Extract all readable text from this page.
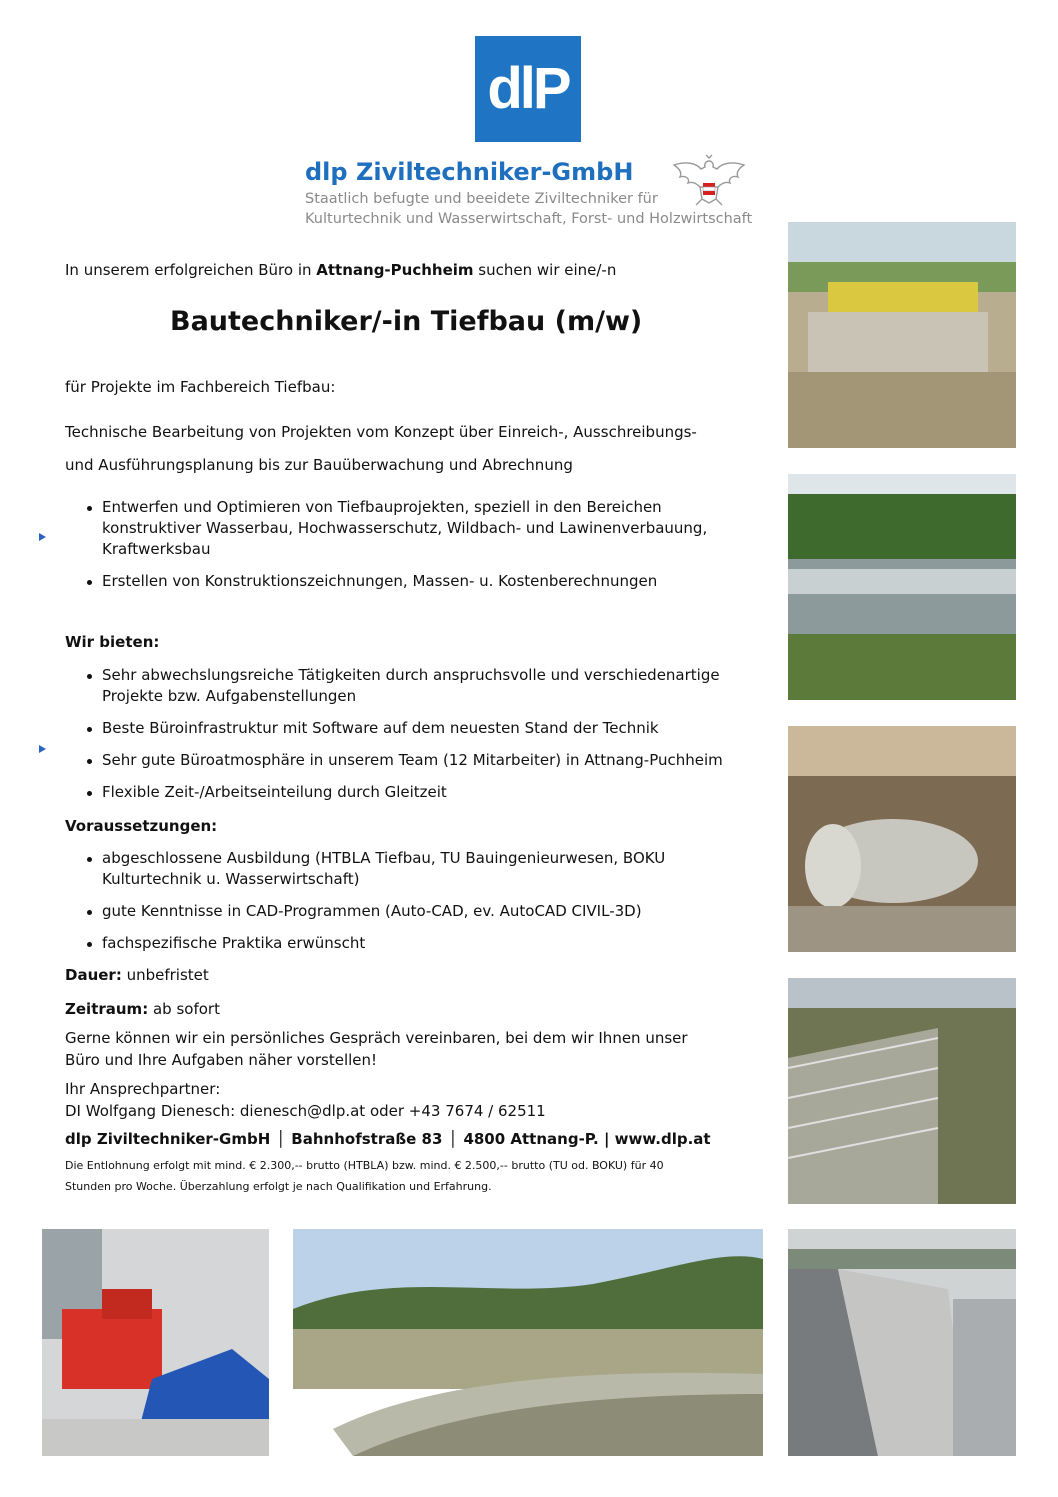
dlP
dlp Ziviltechniker-GmbH
Staatlich befugte und beeidete Ziviltechniker für
Kulturtechnik und Wasserwirtschaft, Forst- und Holzwirtschaft
In unserem erfolgreichen Büro in Attnang-Puchheim suchen wir eine/-n
Bautechniker/-in Tiefbau (m/w)
für Projekte im Fachbereich Tiefbau:
Technische Bearbeitung von Projekten vom Konzept über Einreich-, Ausschreibungs-
und Ausführungsplanung bis zur Bauüberwachung und Abrechnung
Entwerfen und Optimieren von Tiefbauprojekten, speziell in den Bereichen
konstruktiver Wasserbau, Hochwasserschutz, Wildbach- und Lawinenverbauung,
Kraftwerksbau
Erstellen von Konstruktionszeichnungen, Massen- u. Kostenberechnungen
Wir bieten:
Sehr abwechslungsreiche Tätigkeiten durch anspruchsvolle und verschiedenartige
Projekte bzw. Aufgabenstellungen
Beste Büroinfrastruktur mit Software auf dem neuesten Stand der Technik
Sehr gute Büroatmosphäre in unserem Team (12 Mitarbeiter) in Attnang-Puchheim
Flexible Zeit-/Arbeitseinteilung durch Gleitzeit
Voraussetzungen:
abgeschlossene Ausbildung (HTBLA Tiefbau, TU Bauingenieurwesen, BOKU
Kulturtechnik u. Wasserwirtschaft)
gute Kenntnisse in CAD-Programmen (Auto-CAD, ev. AutoCAD CIVIL-3D)
fachspezifische Praktika erwünscht
Dauer: unbefristet
Zeitraum: ab sofort
Gerne können wir ein persönliches Gespräch vereinbaren, bei dem wir Ihnen unser
Büro und Ihre Aufgaben näher vorstellen!
Ihr Ansprechpartner:
DI Wolfgang Dienesch: dienesch@dlp.at oder +43 7674 / 62511
dlp Ziviltechniker-GmbH │ Bahnhofstraße 83 │ 4800 Attnang-P. | www.dlp.at
Die Entlohnung erfolgt mit mind. € 2.300,-- brutto (HTBLA) bzw. mind. € 2.500,-- brutto (TU od. BOKU) für 40
Stunden pro Woche. Überzahlung erfolgt je nach Qualifikation und Erfahrung.
